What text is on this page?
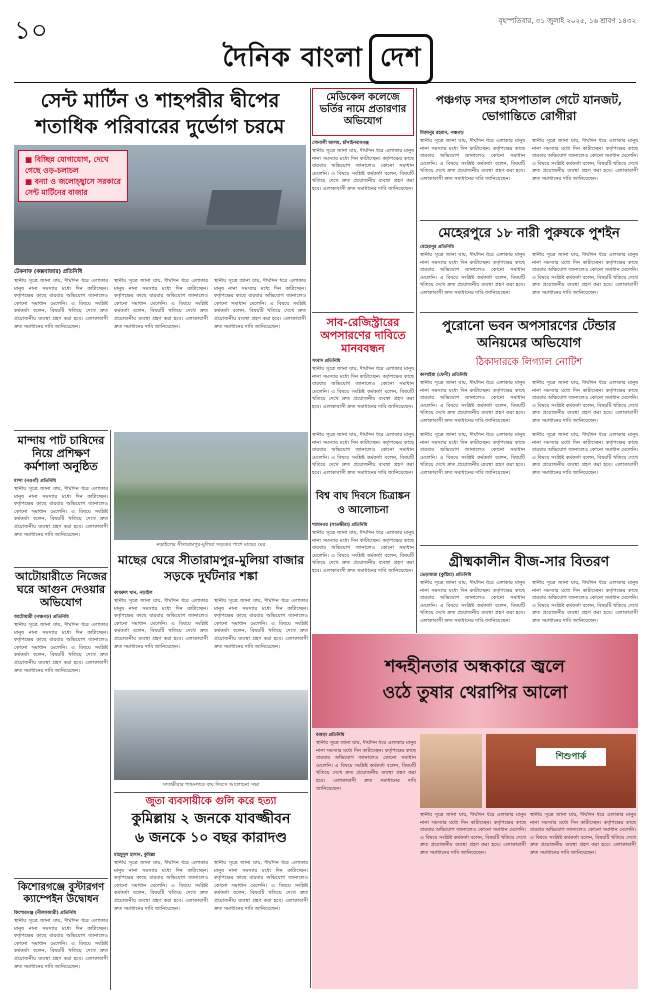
১০	বৃহস্পতিবার, ৩১ জুলাই ২০২৫, ১৬ শ্রাবণ ১৪৩২
দৈনিক বাংলা দেশ
সেন্ট মার্টিন ও শাহপরীর দ্বীপের
শতাধিক পরিবারের দুর্ভোগ চরমে
■ বিচ্ছিন্ন যোগাযোগ, দেখে গেছে ওড়-চলাচল
■ বন্যা ও জলোচ্ছ্বাসে সরকারে সেন্ট মার্টিনের বাজার
টেকনাফ (কক্সবাজার) প্রতিনিধি
স্থানীয় সূত্রে জানা যায়, দীর্ঘদিন ধরে এলাকার মানুষ নানা সমস্যার মধ্যে দিন কাটাচ্ছেন। কর্তৃপক্ষের কাছে বারবার অভিযোগ জানালেও কোনো সমাধান মেলেনি। এ বিষয়ে সংশ্লিষ্ট কর্মকর্তা বলেন, বিষয়টি খতিয়ে দেখে দ্রুত প্রয়োজনীয় ব্যবস্থা গ্রহণ করা হবে। এলাকাবাসী দ্রুত সমাধানের দাবি জানিয়েছেন।
স্থানীয় সূত্রে জানা যায়, দীর্ঘদিন ধরে এলাকার মানুষ নানা সমস্যার মধ্যে দিন কাটাচ্ছেন। কর্তৃপক্ষের কাছে বারবার অভিযোগ জানালেও কোনো সমাধান মেলেনি। এ বিষয়ে সংশ্লিষ্ট কর্মকর্তা বলেন, বিষয়টি খতিয়ে দেখে দ্রুত প্রয়োজনীয় ব্যবস্থা গ্রহণ করা হবে। এলাকাবাসী দ্রুত সমাধানের দাবি জানিয়েছেন।
স্থানীয় সূত্রে জানা যায়, দীর্ঘদিন ধরে এলাকার মানুষ নানা সমস্যার মধ্যে দিন কাটাচ্ছেন। কর্তৃপক্ষের কাছে বারবার অভিযোগ জানালেও কোনো সমাধান মেলেনি। এ বিষয়ে সংশ্লিষ্ট কর্মকর্তা বলেন, বিষয়টি খতিয়ে দেখে দ্রুত প্রয়োজনীয় ব্যবস্থা গ্রহণ করা হবে। এলাকাবাসী দ্রুত সমাধানের দাবি জানিয়েছেন।
মেডিকেল কলেজে ভর্তির নামে প্রতারণার অভিযোগ
সোনালী আলম, চাঁপাইনবাবগঞ্জ
স্থানীয় সূত্রে জানা যায়, দীর্ঘদিন ধরে এলাকার মানুষ নানা সমস্যার মধ্যে দিন কাটাচ্ছেন। কর্তৃপক্ষের কাছে বারবার অভিযোগ জানালেও কোনো সমাধান মেলেনি। এ বিষয়ে সংশ্লিষ্ট কর্মকর্তা বলেন, বিষয়টি খতিয়ে দেখে দ্রুত প্রয়োজনীয় ব্যবস্থা গ্রহণ করা হবে। এলাকাবাসী দ্রুত সমাধানের দাবি জানিয়েছেন।
পঞ্চগড় সদর হাসপাতাল গেটে যানজট, ভোগান্তিতে রোগীরা
মিজানুর রহমান, পঞ্চগড়
স্থানীয় সূত্রে জানা যায়, দীর্ঘদিন ধরে এলাকার মানুষ নানা সমস্যার মধ্যে দিন কাটাচ্ছেন। কর্তৃপক্ষের কাছে বারবার অভিযোগ জানালেও কোনো সমাধান মেলেনি। এ বিষয়ে সংশ্লিষ্ট কর্মকর্তা বলেন, বিষয়টি খতিয়ে দেখে দ্রুত প্রয়োজনীয় ব্যবস্থা গ্রহণ করা হবে। এলাকাবাসী দ্রুত সমাধানের দাবি জানিয়েছেন।
স্থানীয় সূত্রে জানা যায়, দীর্ঘদিন ধরে এলাকার মানুষ নানা সমস্যার মধ্যে দিন কাটাচ্ছেন। কর্তৃপক্ষের কাছে বারবার অভিযোগ জানালেও কোনো সমাধান মেলেনি। এ বিষয়ে সংশ্লিষ্ট কর্মকর্তা বলেন, বিষয়টি খতিয়ে দেখে দ্রুত প্রয়োজনীয় ব্যবস্থা গ্রহণ করা হবে। এলাকাবাসী দ্রুত সমাধানের দাবি জানিয়েছেন।
মেহেরপুরে ১৮ নারী পুরুষকে পুশইন
মেহেরপুর প্রতিনিধি
স্থানীয় সূত্রে জানা যায়, দীর্ঘদিন ধরে এলাকার মানুষ নানা সমস্যার মধ্যে দিন কাটাচ্ছেন। কর্তৃপক্ষের কাছে বারবার অভিযোগ জানালেও কোনো সমাধান মেলেনি। এ বিষয়ে সংশ্লিষ্ট কর্মকর্তা বলেন, বিষয়টি খতিয়ে দেখে দ্রুত প্রয়োজনীয় ব্যবস্থা গ্রহণ করা হবে। এলাকাবাসী দ্রুত সমাধানের দাবি জানিয়েছেন।
স্থানীয় সূত্রে জানা যায়, দীর্ঘদিন ধরে এলাকার মানুষ নানা সমস্যার মধ্যে দিন কাটাচ্ছেন। কর্তৃপক্ষের কাছে বারবার অভিযোগ জানালেও কোনো সমাধান মেলেনি। এ বিষয়ে সংশ্লিষ্ট কর্মকর্তা বলেন, বিষয়টি খতিয়ে দেখে দ্রুত প্রয়োজনীয় ব্যবস্থা গ্রহণ করা হবে। এলাকাবাসী দ্রুত সমাধানের দাবি জানিয়েছেন।
সাব-রেজিস্ট্রারের অপসারণের দাবিতে মানববন্ধন
সংবাদ প্রতিনিধি
স্থানীয় সূত্রে জানা যায়, দীর্ঘদিন ধরে এলাকার মানুষ নানা সমস্যার মধ্যে দিন কাটাচ্ছেন। কর্তৃপক্ষের কাছে বারবার অভিযোগ জানালেও কোনো সমাধান মেলেনি। এ বিষয়ে সংশ্লিষ্ট কর্মকর্তা বলেন, বিষয়টি খতিয়ে দেখে দ্রুত প্রয়োজনীয় ব্যবস্থা গ্রহণ করা হবে। এলাকাবাসী দ্রুত সমাধানের দাবি জানিয়েছেন।
পুরোনো ভবন অপসারণের টেন্ডার অনিয়মের অভিযোগ
ঠিকাদারকে লিগ্যাল নোটিশ
কালাইয়া (ফেনী) প্রতিনিধি
স্থানীয় সূত্রে জানা যায়, দীর্ঘদিন ধরে এলাকার মানুষ নানা সমস্যার মধ্যে দিন কাটাচ্ছেন। কর্তৃপক্ষের কাছে বারবার অভিযোগ জানালেও কোনো সমাধান মেলেনি। এ বিষয়ে সংশ্লিষ্ট কর্মকর্তা বলেন, বিষয়টি খতিয়ে দেখে দ্রুত প্রয়োজনীয় ব্যবস্থা গ্রহণ করা হবে। এলাকাবাসী দ্রুত সমাধানের দাবি জানিয়েছেন।
স্থানীয় সূত্রে জানা যায়, দীর্ঘদিন ধরে এলাকার মানুষ নানা সমস্যার মধ্যে দিন কাটাচ্ছেন। কর্তৃপক্ষের কাছে বারবার অভিযোগ জানালেও কোনো সমাধান মেলেনি। এ বিষয়ে সংশ্লিষ্ট কর্মকর্তা বলেন, বিষয়টি খতিয়ে দেখে দ্রুত প্রয়োজনীয় ব্যবস্থা গ্রহণ করা হবে। এলাকাবাসী দ্রুত সমাধানের দাবি জানিয়েছেন।
মান্দায় পাট চাষিদের নিয়ে প্রশিক্ষণ কর্মশালা অনুষ্ঠিত
মান্দা (নওগাঁ) প্রতিনিধি
স্থানীয় সূত্রে জানা যায়, দীর্ঘদিন ধরে এলাকার মানুষ নানা সমস্যার মধ্যে দিন কাটাচ্ছেন। কর্তৃপক্ষের কাছে বারবার অভিযোগ জানালেও কোনো সমাধান মেলেনি। এ বিষয়ে সংশ্লিষ্ট কর্মকর্তা বলেন, বিষয়টি খতিয়ে দেখে দ্রুত প্রয়োজনীয় ব্যবস্থা গ্রহণ করা হবে। এলাকাবাসী দ্রুত সমাধানের দাবি জানিয়েছেন।
আটোয়ারীতে নিজের ঘরে আগুন দেওয়ার অভিযোগ
আটোয়ারী (পঞ্চগড়) প্রতিনিধি
স্থানীয় সূত্রে জানা যায়, দীর্ঘদিন ধরে এলাকার মানুষ নানা সমস্যার মধ্যে দিন কাটাচ্ছেন। কর্তৃপক্ষের কাছে বারবার অভিযোগ জানালেও কোনো সমাধান মেলেনি। এ বিষয়ে সংশ্লিষ্ট কর্মকর্তা বলেন, বিষয়টি খতিয়ে দেখে দ্রুত প্রয়োজনীয় ব্যবস্থা গ্রহণ করা হবে। এলাকাবাসী দ্রুত সমাধানের দাবি জানিয়েছেন।
নড়াইলের সীতারামপুর-মুলিয়া সড়কের পাশে মাছের ঘের
মাছের ঘেরে সীতারামপুর-মুলিয়া বাজার সড়কে দুর্ঘটনার শঙ্কা
কামরুল খান, নড়াইল
স্থানীয় সূত্রে জানা যায়, দীর্ঘদিন ধরে এলাকার মানুষ নানা সমস্যার মধ্যে দিন কাটাচ্ছেন। কর্তৃপক্ষের কাছে বারবার অভিযোগ জানালেও কোনো সমাধান মেলেনি। এ বিষয়ে সংশ্লিষ্ট কর্মকর্তা বলেন, বিষয়টি খতিয়ে দেখে দ্রুত প্রয়োজনীয় ব্যবস্থা গ্রহণ করা হবে। এলাকাবাসী দ্রুত সমাধানের দাবি জানিয়েছেন।
স্থানীয় সূত্রে জানা যায়, দীর্ঘদিন ধরে এলাকার মানুষ নানা সমস্যার মধ্যে দিন কাটাচ্ছেন। কর্তৃপক্ষের কাছে বারবার অভিযোগ জানালেও কোনো সমাধান মেলেনি। এ বিষয়ে সংশ্লিষ্ট কর্মকর্তা বলেন, বিষয়টি খতিয়ে দেখে দ্রুত প্রয়োজনীয় ব্যবস্থা গ্রহণ করা হবে। এলাকাবাসী দ্রুত সমাধানের দাবি জানিয়েছেন।
স্থানীয় সূত্রে জানা যায়, দীর্ঘদিন ধরে এলাকার মানুষ নানা সমস্যার মধ্যে দিন কাটাচ্ছেন। কর্তৃপক্ষের কাছে বারবার অভিযোগ জানালেও কোনো সমাধান মেলেনি। এ বিষয়ে সংশ্লিষ্ট কর্মকর্তা বলেন, বিষয়টি খতিয়ে দেখে দ্রুত প্রয়োজনীয় ব্যবস্থা গ্রহণ করা হবে। এলাকাবাসী দ্রুত সমাধানের দাবি জানিয়েছেন।
বিশ্ব বাঘ দিবসে চিত্রাঙ্কন ও আলোচনা
শ্যামনগর (সাতক্ষীরা) প্রতিনিধি
স্থানীয় সূত্রে জানা যায়, দীর্ঘদিন ধরে এলাকার মানুষ নানা সমস্যার মধ্যে দিন কাটাচ্ছেন। কর্তৃপক্ষের কাছে বারবার অভিযোগ জানালেও কোনো সমাধান মেলেনি। এ বিষয়ে সংশ্লিষ্ট কর্মকর্তা বলেন, বিষয়টি খতিয়ে দেখে দ্রুত প্রয়োজনীয় ব্যবস্থা গ্রহণ করা হবে। এলাকাবাসী দ্রুত সমাধানের দাবি জানিয়েছেন।
স্থানীয় সূত্রে জানা যায়, দীর্ঘদিন ধরে এলাকার মানুষ নানা সমস্যার মধ্যে দিন কাটাচ্ছেন। কর্তৃপক্ষের কাছে বারবার অভিযোগ জানালেও কোনো সমাধান মেলেনি। এ বিষয়ে সংশ্লিষ্ট কর্মকর্তা বলেন, বিষয়টি খতিয়ে দেখে দ্রুত প্রয়োজনীয় ব্যবস্থা গ্রহণ করা হবে। এলাকাবাসী দ্রুত সমাধানের দাবি জানিয়েছেন।
স্থানীয় সূত্রে জানা যায়, দীর্ঘদিন ধরে এলাকার মানুষ নানা সমস্যার মধ্যে দিন কাটাচ্ছেন। কর্তৃপক্ষের কাছে বারবার অভিযোগ জানালেও কোনো সমাধান মেলেনি। এ বিষয়ে সংশ্লিষ্ট কর্মকর্তা বলেন, বিষয়টি খতিয়ে দেখে দ্রুত প্রয়োজনীয় ব্যবস্থা গ্রহণ করা হবে। এলাকাবাসী দ্রুত সমাধানের দাবি জানিয়েছেন।
গ্রীষ্মকালীন বীজ-সার বিতরণ
ভেড়ামারা (কুষ্টিয়া) প্রতিনিধি
স্থানীয় সূত্রে জানা যায়, দীর্ঘদিন ধরে এলাকার মানুষ নানা সমস্যার মধ্যে দিন কাটাচ্ছেন। কর্তৃপক্ষের কাছে বারবার অভিযোগ জানালেও কোনো সমাধান মেলেনি। এ বিষয়ে সংশ্লিষ্ট কর্মকর্তা বলেন, বিষয়টি খতিয়ে দেখে দ্রুত প্রয়োজনীয় ব্যবস্থা গ্রহণ করা হবে। এলাকাবাসী দ্রুত সমাধানের দাবি জানিয়েছেন।
স্থানীয় সূত্রে জানা যায়, দীর্ঘদিন ধরে এলাকার মানুষ নানা সমস্যার মধ্যে দিন কাটাচ্ছেন। কর্তৃপক্ষের কাছে বারবার অভিযোগ জানালেও কোনো সমাধান মেলেনি। এ বিষয়ে সংশ্লিষ্ট কর্মকর্তা বলেন, বিষয়টি খতিয়ে দেখে দ্রুত প্রয়োজনীয় ব্যবস্থা গ্রহণ করা হবে। এলাকাবাসী দ্রুত সমাধানের দাবি জানিয়েছেন।
সাতক্ষীরার শ্যামনগরে বাঘ দিবসে আলোচনা সভা
শব্দহীনতার অন্ধকারে জ্বলে
ওঠে তুষার থেরাপির আলো
বগুড়া প্রতিনিধি
স্থানীয় সূত্রে জানা যায়, দীর্ঘদিন ধরে এলাকার মানুষ নানা সমস্যার মধ্যে দিন কাটাচ্ছেন। কর্তৃপক্ষের কাছে বারবার অভিযোগ জানালেও কোনো সমাধান মেলেনি। এ বিষয়ে সংশ্লিষ্ট কর্মকর্তা বলেন, বিষয়টি খতিয়ে দেখে দ্রুত প্রয়োজনীয় ব্যবস্থা গ্রহণ করা হবে। এলাকাবাসী দ্রুত সমাধানের দাবি জানিয়েছেন।
শিশুপার্ক
স্থানীয় সূত্রে জানা যায়, দীর্ঘদিন ধরে এলাকার মানুষ নানা সমস্যার মধ্যে দিন কাটাচ্ছেন। কর্তৃপক্ষের কাছে বারবার অভিযোগ জানালেও কোনো সমাধান মেলেনি। এ বিষয়ে সংশ্লিষ্ট কর্মকর্তা বলেন, বিষয়টি খতিয়ে দেখে দ্রুত প্রয়োজনীয় ব্যবস্থা গ্রহণ করা হবে। এলাকাবাসী দ্রুত সমাধানের দাবি জানিয়েছেন।
স্থানীয় সূত্রে জানা যায়, দীর্ঘদিন ধরে এলাকার মানুষ নানা সমস্যার মধ্যে দিন কাটাচ্ছেন। কর্তৃপক্ষের কাছে বারবার অভিযোগ জানালেও কোনো সমাধান মেলেনি। এ বিষয়ে সংশ্লিষ্ট কর্মকর্তা বলেন, বিষয়টি খতিয়ে দেখে দ্রুত প্রয়োজনীয় ব্যবস্থা গ্রহণ করা হবে। এলাকাবাসী দ্রুত সমাধানের দাবি জানিয়েছেন।
জুতা ব্যবসায়ীকে গুলি করে হত্যা
কুমিল্লায় ২ জনকে যাবজ্জীবন
৬ জনকে ১০ বছর কারাদণ্ড
মাহমুদুল হাসান, কুমিল্লা
স্থানীয় সূত্রে জানা যায়, দীর্ঘদিন ধরে এলাকার মানুষ নানা সমস্যার মধ্যে দিন কাটাচ্ছেন। কর্তৃপক্ষের কাছে বারবার অভিযোগ জানালেও কোনো সমাধান মেলেনি। এ বিষয়ে সংশ্লিষ্ট কর্মকর্তা বলেন, বিষয়টি খতিয়ে দেখে দ্রুত প্রয়োজনীয় ব্যবস্থা গ্রহণ করা হবে। এলাকাবাসী দ্রুত সমাধানের দাবি জানিয়েছেন।
স্থানীয় সূত্রে জানা যায়, দীর্ঘদিন ধরে এলাকার মানুষ নানা সমস্যার মধ্যে দিন কাটাচ্ছেন। কর্তৃপক্ষের কাছে বারবার অভিযোগ জানালেও কোনো সমাধান মেলেনি। এ বিষয়ে সংশ্লিষ্ট কর্মকর্তা বলেন, বিষয়টি খতিয়ে দেখে দ্রুত প্রয়োজনীয় ব্যবস্থা গ্রহণ করা হবে। এলাকাবাসী দ্রুত সমাধানের দাবি জানিয়েছেন।
কিশোরগঞ্জে বুস্টারগণ ক্যাম্পেইন উদ্বোধন
কিশোরগঞ্জ (নীলফামারী) প্রতিনিধি
স্থানীয় সূত্রে জানা যায়, দীর্ঘদিন ধরে এলাকার মানুষ নানা সমস্যার মধ্যে দিন কাটাচ্ছেন। কর্তৃপক্ষের কাছে বারবার অভিযোগ জানালেও কোনো সমাধান মেলেনি। এ বিষয়ে সংশ্লিষ্ট কর্মকর্তা বলেন, বিষয়টি খতিয়ে দেখে দ্রুত প্রয়োজনীয় ব্যবস্থা গ্রহণ করা হবে। এলাকাবাসী দ্রুত সমাধানের দাবি জানিয়েছেন।
